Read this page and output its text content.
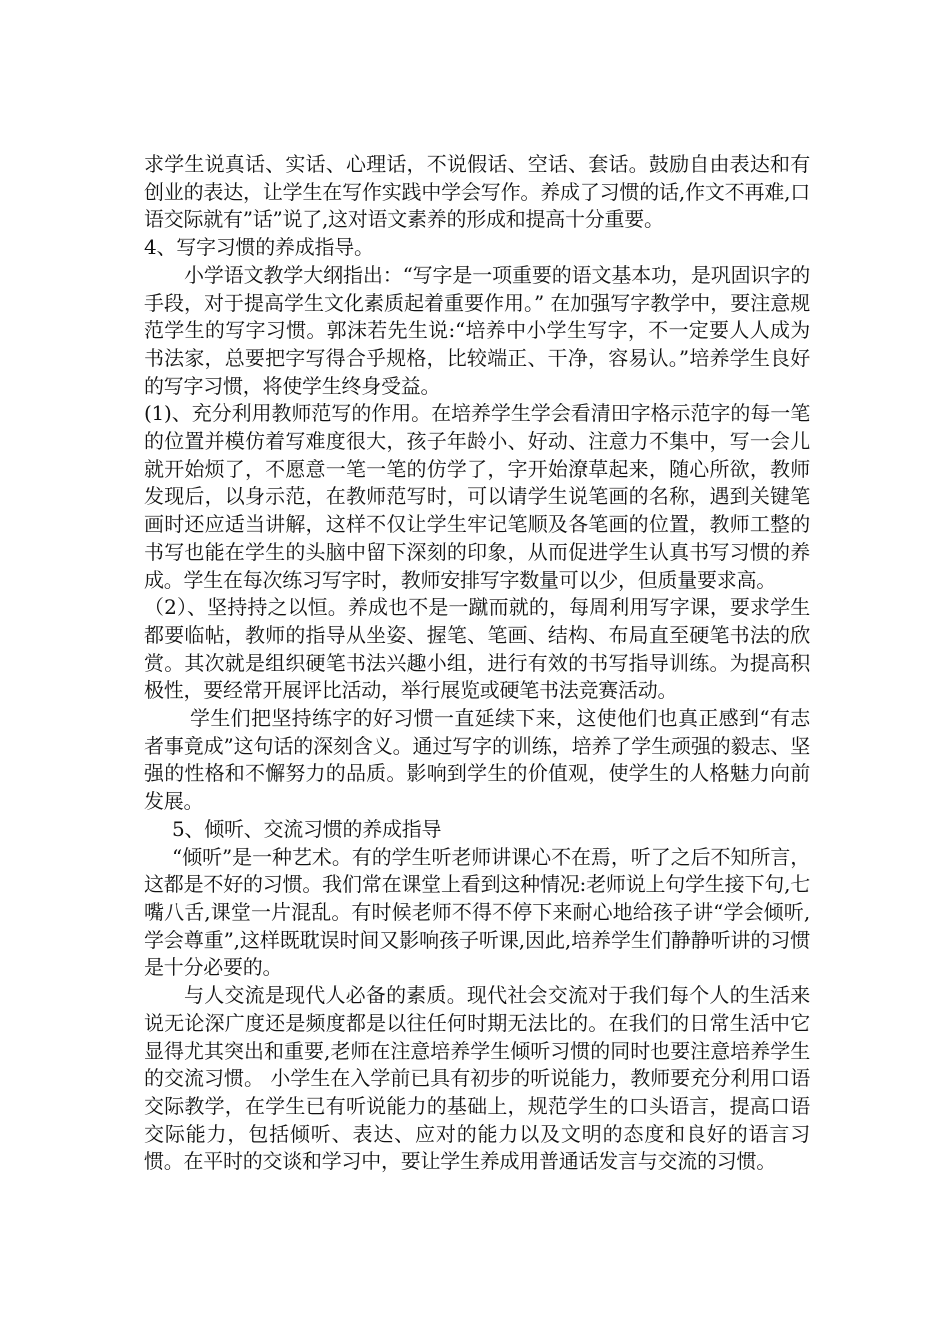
求学生说真话、实话、心理话，不说假话、空话、套话。鼓励自由表达和有创业的表达，让学生在写作实践中学会写作。养成了习惯的话,作文不再难,口语交际就有”话”说了,这对语文素养的形成和提高十分重要。

4、写字习惯的养成指导。

小学语文教学大纲指出：“写字是一项重要的语文基本功，是巩固识字的手段，对于提高学生文化素质起着重要作用。” 在加强写字教学中，要注意规范学生的写字习惯。郭沫若先生说:“培养中小学生写字，不一定要人人成为书法家，总要把字写得合乎规格，比较端正、干净，容易认。”培养学生良好的写字习惯，将使学生终身受益。

(1)、充分利用教师范写的作用。在培养学生学会看清田字格示范字的每一笔的位置并模仿着写难度很大，孩子年龄小、好动、注意力不集中，写一会儿就开始烦了，不愿意一笔一笔的仿学了，字开始潦草起来，随心所欲，教师发现后，以身示范，在教师范写时，可以请学生说笔画的名称，遇到关键笔画时还应适当讲解，这样不仅让学生牢记笔顺及各笔画的位置，教师工整的书写也能在学生的头脑中留下深刻的印象，从而促进学生认真书写习惯的养成。学生在每次练习写字时，教师安排写字数量可以少，但质量要求高。

（2）、坚持持之以恒。养成也不是一蹴而就的，每周利用写字课，要求学生都要临帖，教师的指导从坐姿、握笔、笔画、结构、布局直至硬笔书法的欣赏。其次就是组织硬笔书法兴趣小组，进行有效的书写指导训练。为提高积极性，要经常开展评比活动，举行展览或硬笔书法竞赛活动。

学生们把坚持练字的好习惯一直延续下来，这使他们也真正感到“有志者事竟成”这句话的深刻含义。通过写字的训练，培养了学生顽强的毅志、坚强的性格和不懈努力的品质。影响到学生的价值观，使学生的人格魅力向前发展。

5、倾听、交流习惯的养成指导

“倾听”是一种艺术。有的学生听老师讲课心不在焉，听了之后不知所言，这都是不好的习惯。我们常在课堂上看到这种情况:老师说上句学生接下句,七嘴八舌,课堂一片混乱。有时候老师不得不停下来耐心地给孩子讲“学会倾听,学会尊重”,这样既耽误时间又影响孩子听课,因此,培养学生们静静听讲的习惯是十分必要的。

与人交流是现代人必备的素质。现代社会交流对于我们每个人的生活来说无论深广度还是频度都是以往任何时期无法比的。在我们的日常生活中它显得尤其突出和重要,老师在注意培养学生倾听习惯的同时也要注意培养学生的交流习惯。 小学生在入学前已具有初步的听说能力，教师要充分利用口语交际教学，在学生已有听说能力的基础上，规范学生的口头语言，提高口语交际能力，包括倾听、表达、应对的能力以及文明的态度和良好的语言习惯。在平时的交谈和学习中，要让学生养成用普通话发言与交流的习惯。
